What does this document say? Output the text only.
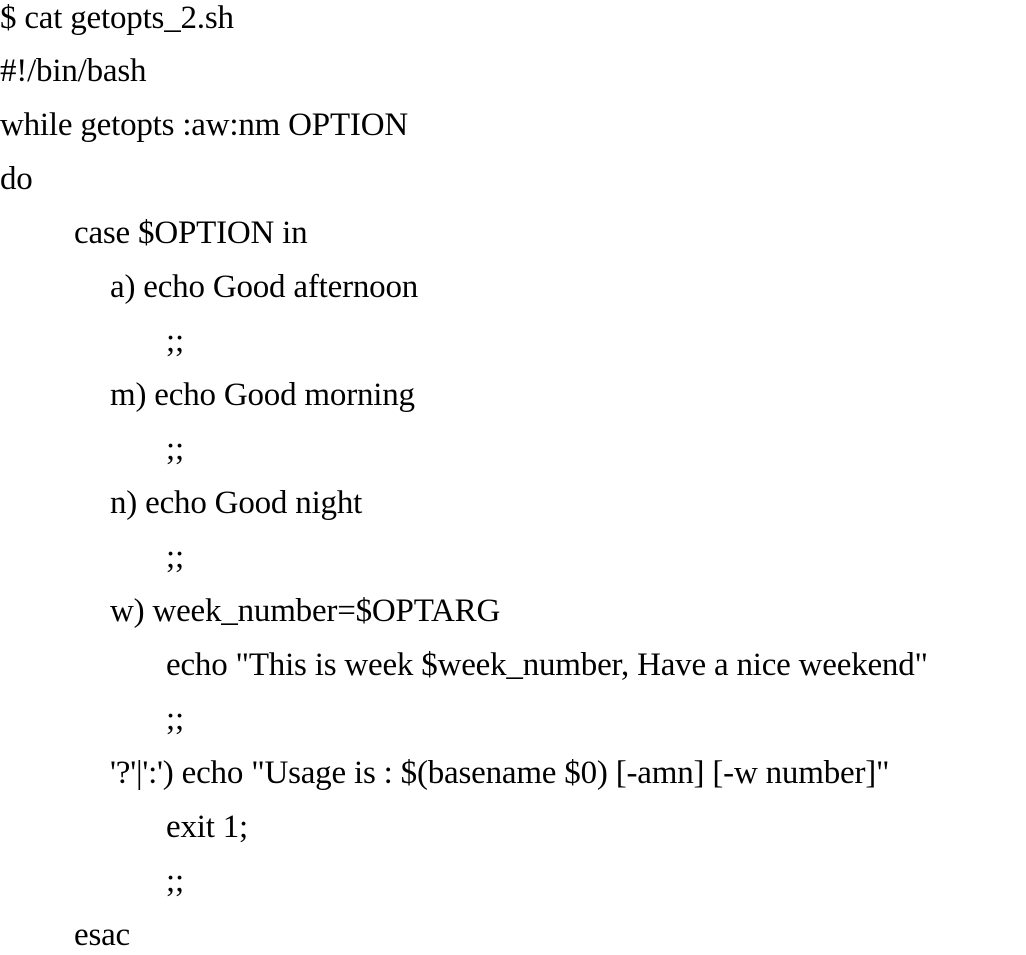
$ cat getopts_2.sh
#!/bin/bash
while getopts :aw:nm OPTION
do
case $OPTION in
a) echo Good afternoon
;;
m) echo Good morning
;;
n) echo Good night
;;
w) week_number=$OPTARG
echo "This is week $week_number, Have a nice weekend"
;;
'?'|':') echo "Usage is : $(basename $0) [-amn] [-w number]"
exit 1;
;;
esac
